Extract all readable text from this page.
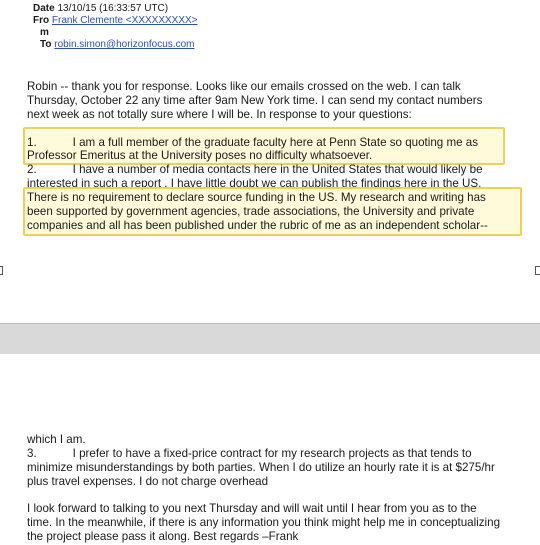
Date 13/10/15 (16:33:57 UTC)
Fro Frank Clemente <XXXXXXXXX>
m
To robin.simon@horizonfocus.com
Robin -- thank you for response. Looks like our emails crossed on the web. I can talk
Thursday, October 22 any time after 9am New York time. I can send my contact numbers
next week as not totally sure where I will be. In response to your questions:
1.	I am a full member of the graduate faculty here at Penn State so quoting me as
Professor Emeritus at the University poses no difficulty whatsoever.
2.	I have a number of media contacts here in the United States that would likely be
interested in such a report . I have little doubt we can publish the findings here in the US.
There is no requirement to declare source funding in the US. My research and writing has
been supported by government agencies, trade associations, the University and private
companies and all has been published under the rubric of me as an independent scholar--
which I am.
3.	I prefer to have a fixed-price contract for my research projects as that tends to
minimize misunderstandings by both parties. When I do utilize an hourly rate it is at $275/hr
plus travel expenses. I do not charge overhead
I look forward to talking to you next Thursday and will wait until I hear from you as to the
time. In the meanwhile, if there is any information you think might help me in conceptualizing
the project please pass it along. Best regards –Frank
